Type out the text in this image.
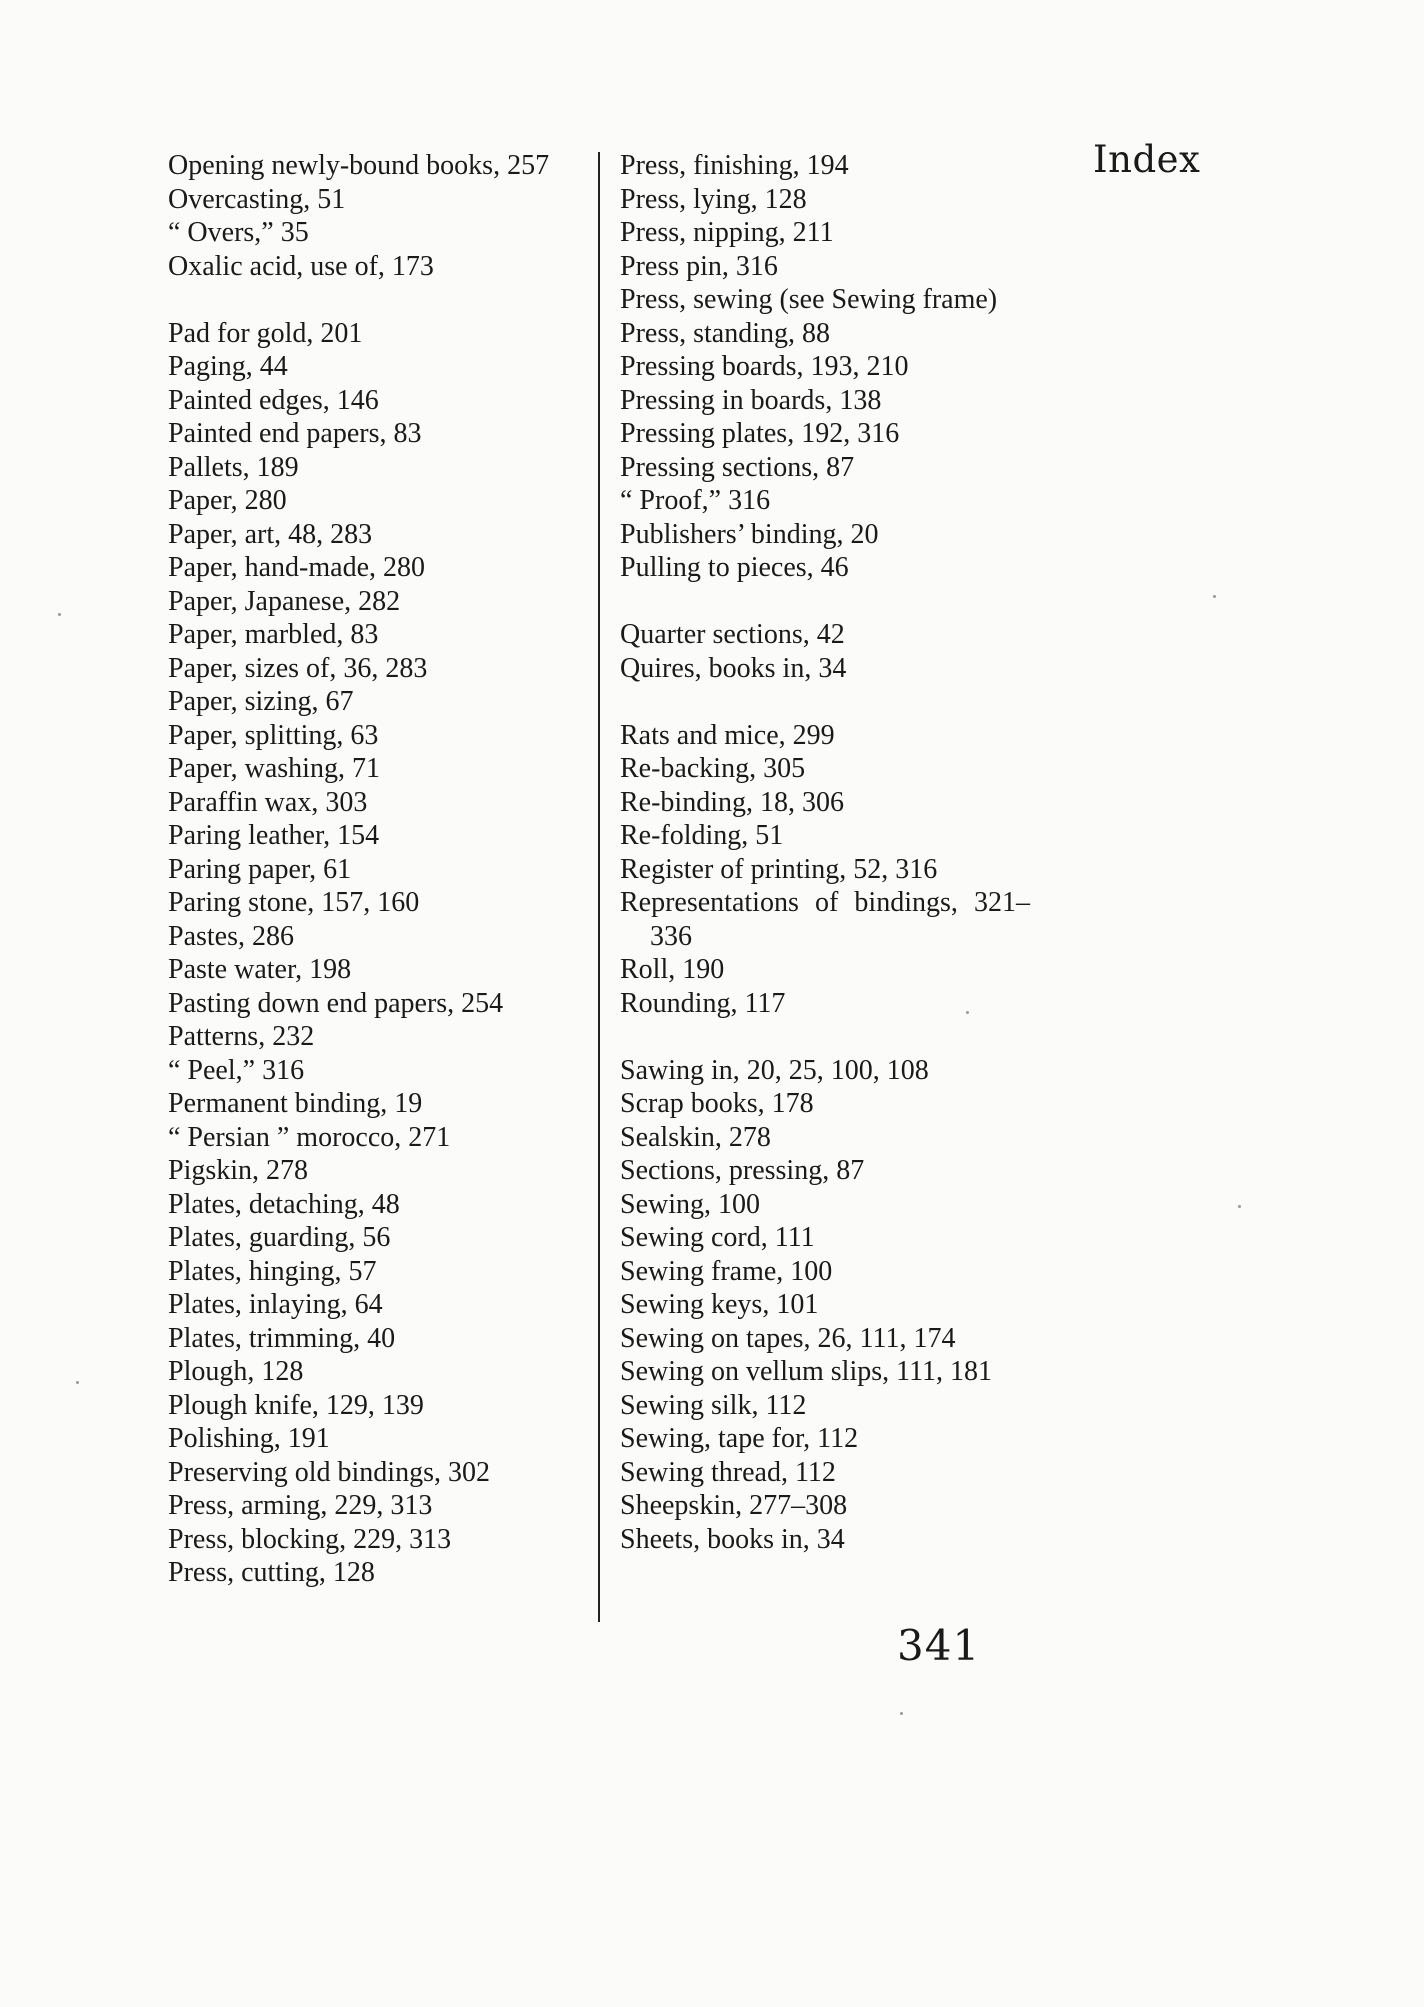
Index
Opening newly-bound books, 257
Overcasting, 51
“ Overs,” 35
Oxalic acid, use of, 173
Pad for gold, 201
Paging, 44
Painted edges, 146
Painted end papers, 83
Pallets, 189
Paper, 280
Paper, art, 48, 283
Paper, hand-made, 280
Paper, Japanese, 282
Paper, marbled, 83
Paper, sizes of, 36, 283
Paper, sizing, 67
Paper, splitting, 63
Paper, washing, 71
Paraffin wax, 303
Paring leather, 154
Paring paper, 61
Paring stone, 157, 160
Pastes, 286
Paste water, 198
Pasting down end papers, 254
Patterns, 232
“ Peel,” 316
Permanent binding, 19
“ Persian ” morocco, 271
Pigskin, 278
Plates, detaching, 48
Plates, guarding, 56
Plates, hinging, 57
Plates, inlaying, 64
Plates, trimming, 40
Plough, 128
Plough knife, 129, 139
Polishing, 191
Preserving old bindings, 302
Press, arming, 229, 313
Press, blocking, 229, 313
Press, cutting, 128
Press, finishing, 194
Press, lying, 128
Press, nipping, 211
Press pin, 316
Press, sewing (see Sewing frame)
Press, standing, 88
Pressing boards, 193, 210
Pressing in boards, 138
Pressing plates, 192, 316
Pressing sections, 87
“ Proof,” 316
Publishers’ binding, 20
Pulling to pieces, 46
Quarter sections, 42
Quires, books in, 34
Rats and mice, 299
Re-backing, 305
Re-binding, 18, 306
Re-folding, 51
Register of printing, 52, 316
Representations of bindings, 321–336
Roll, 190
Rounding, 117
Sawing in, 20, 25, 100, 108
Scrap books, 178
Sealskin, 278
Sections, pressing, 87
Sewing, 100
Sewing cord, 111
Sewing frame, 100
Sewing keys, 101
Sewing on tapes, 26, 111, 174
Sewing on vellum slips, 111, 181
Sewing silk, 112
Sewing, tape for, 112
Sewing thread, 112
Sheepskin, 277–308
Sheets, books in, 34
341
